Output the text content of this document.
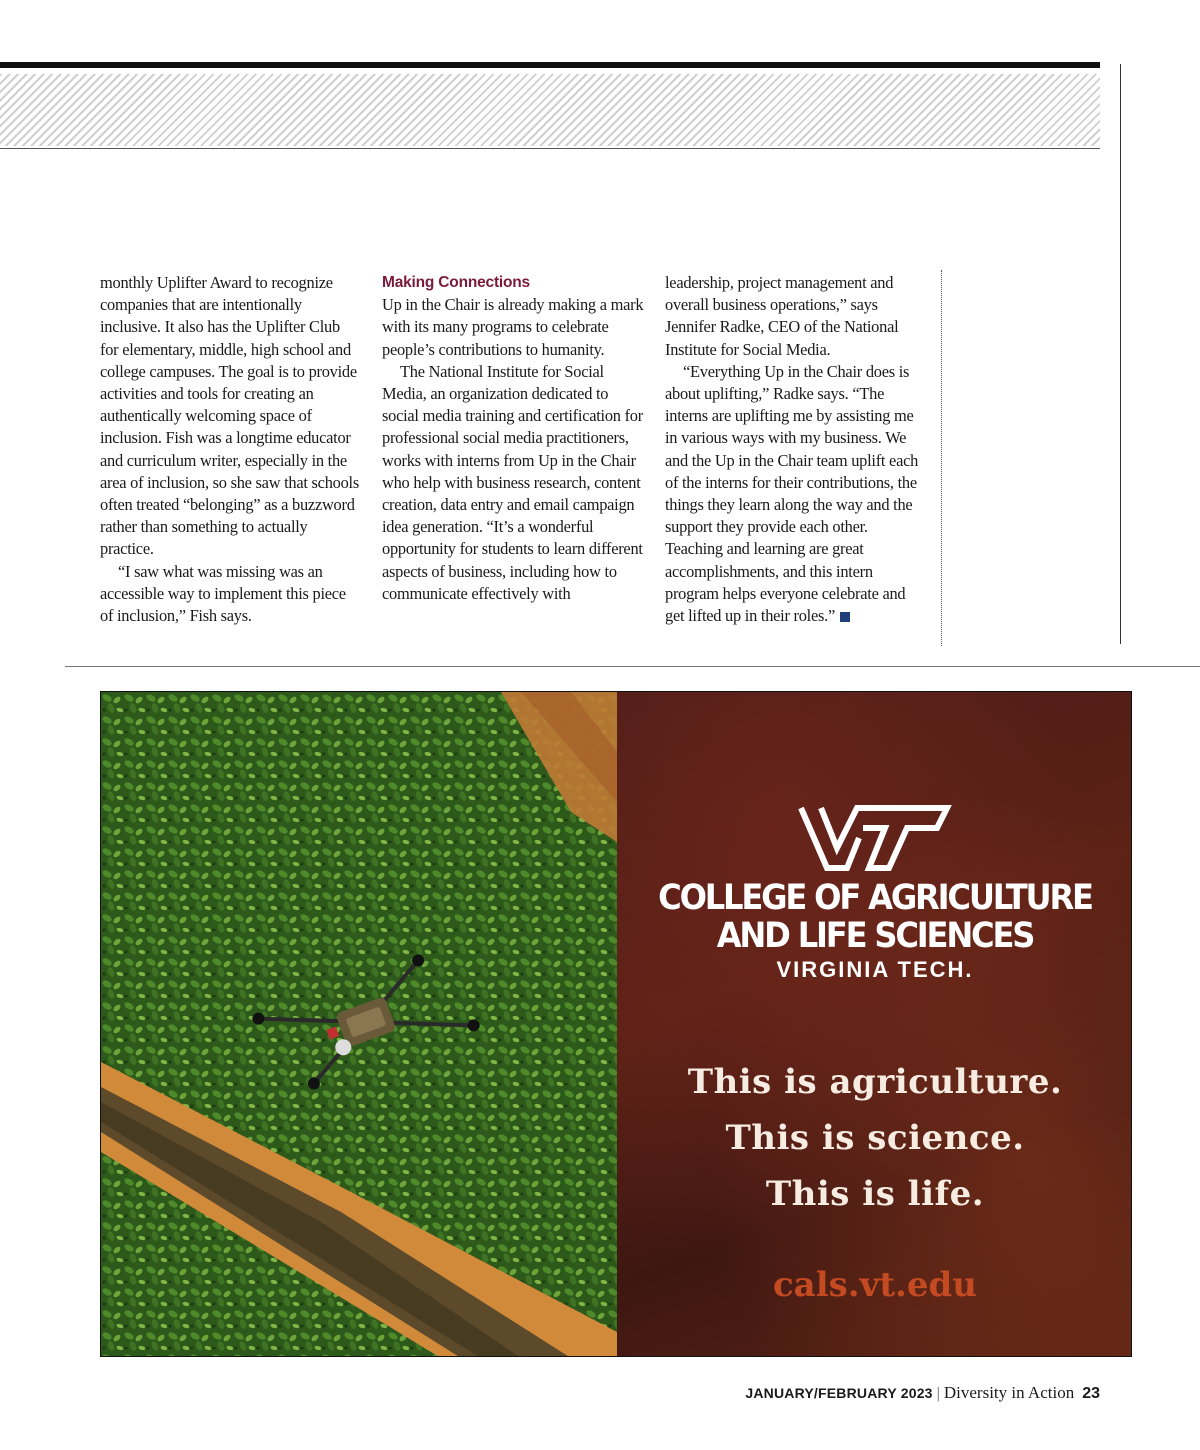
monthly Uplifter Award to recognize companies that are intentionally inclusive. It also has the Uplifter Club for elementary, middle, high school and college campuses. The goal is to provide activities and tools for creating an authentically welcoming space of inclusion. Fish was a longtime educator and curriculum writer, especially in the area of inclusion, so she saw that schools often treated “belonging” as a buzzword rather than something to actually practice.

“I saw what was missing was an accessible way to implement this piece of inclusion,” Fish says.

Making Connections

Up in the Chair is already making a mark with its many programs to celebrate people’s contributions to humanity.

The National Institute for Social Media, an organization dedicated to social media training and certification for professional social media practitioners, works with interns from Up in the Chair who help with business research, content creation, data entry and email campaign idea generation. “It’s a wonderful opportunity for students to learn different aspects of business, including how to communicate effectively with

leadership, project management and overall business operations,” says Jennifer Radke, CEO of the National Institute for Social Media.

“Everything Up in the Chair does is about uplifting,” Radke says. “The interns are uplifting me by assisting me in various ways with my business. We and the Up in the Chair team uplift each of the interns for their contributions, the things they learn along the way and the support they provide each other. Teaching and learning are great accomplishments, and this intern program helps everyone celebrate and get lifted up in their roles.”

COLLEGE OF AGRICULTURE
AND LIFE SCIENCES
VIRGINIA TECH.
This is agriculture.
This is science.
This is life.
cals.vt.edu
JANUARY/FEBRUARY 2023 | Diversity in Action 23
